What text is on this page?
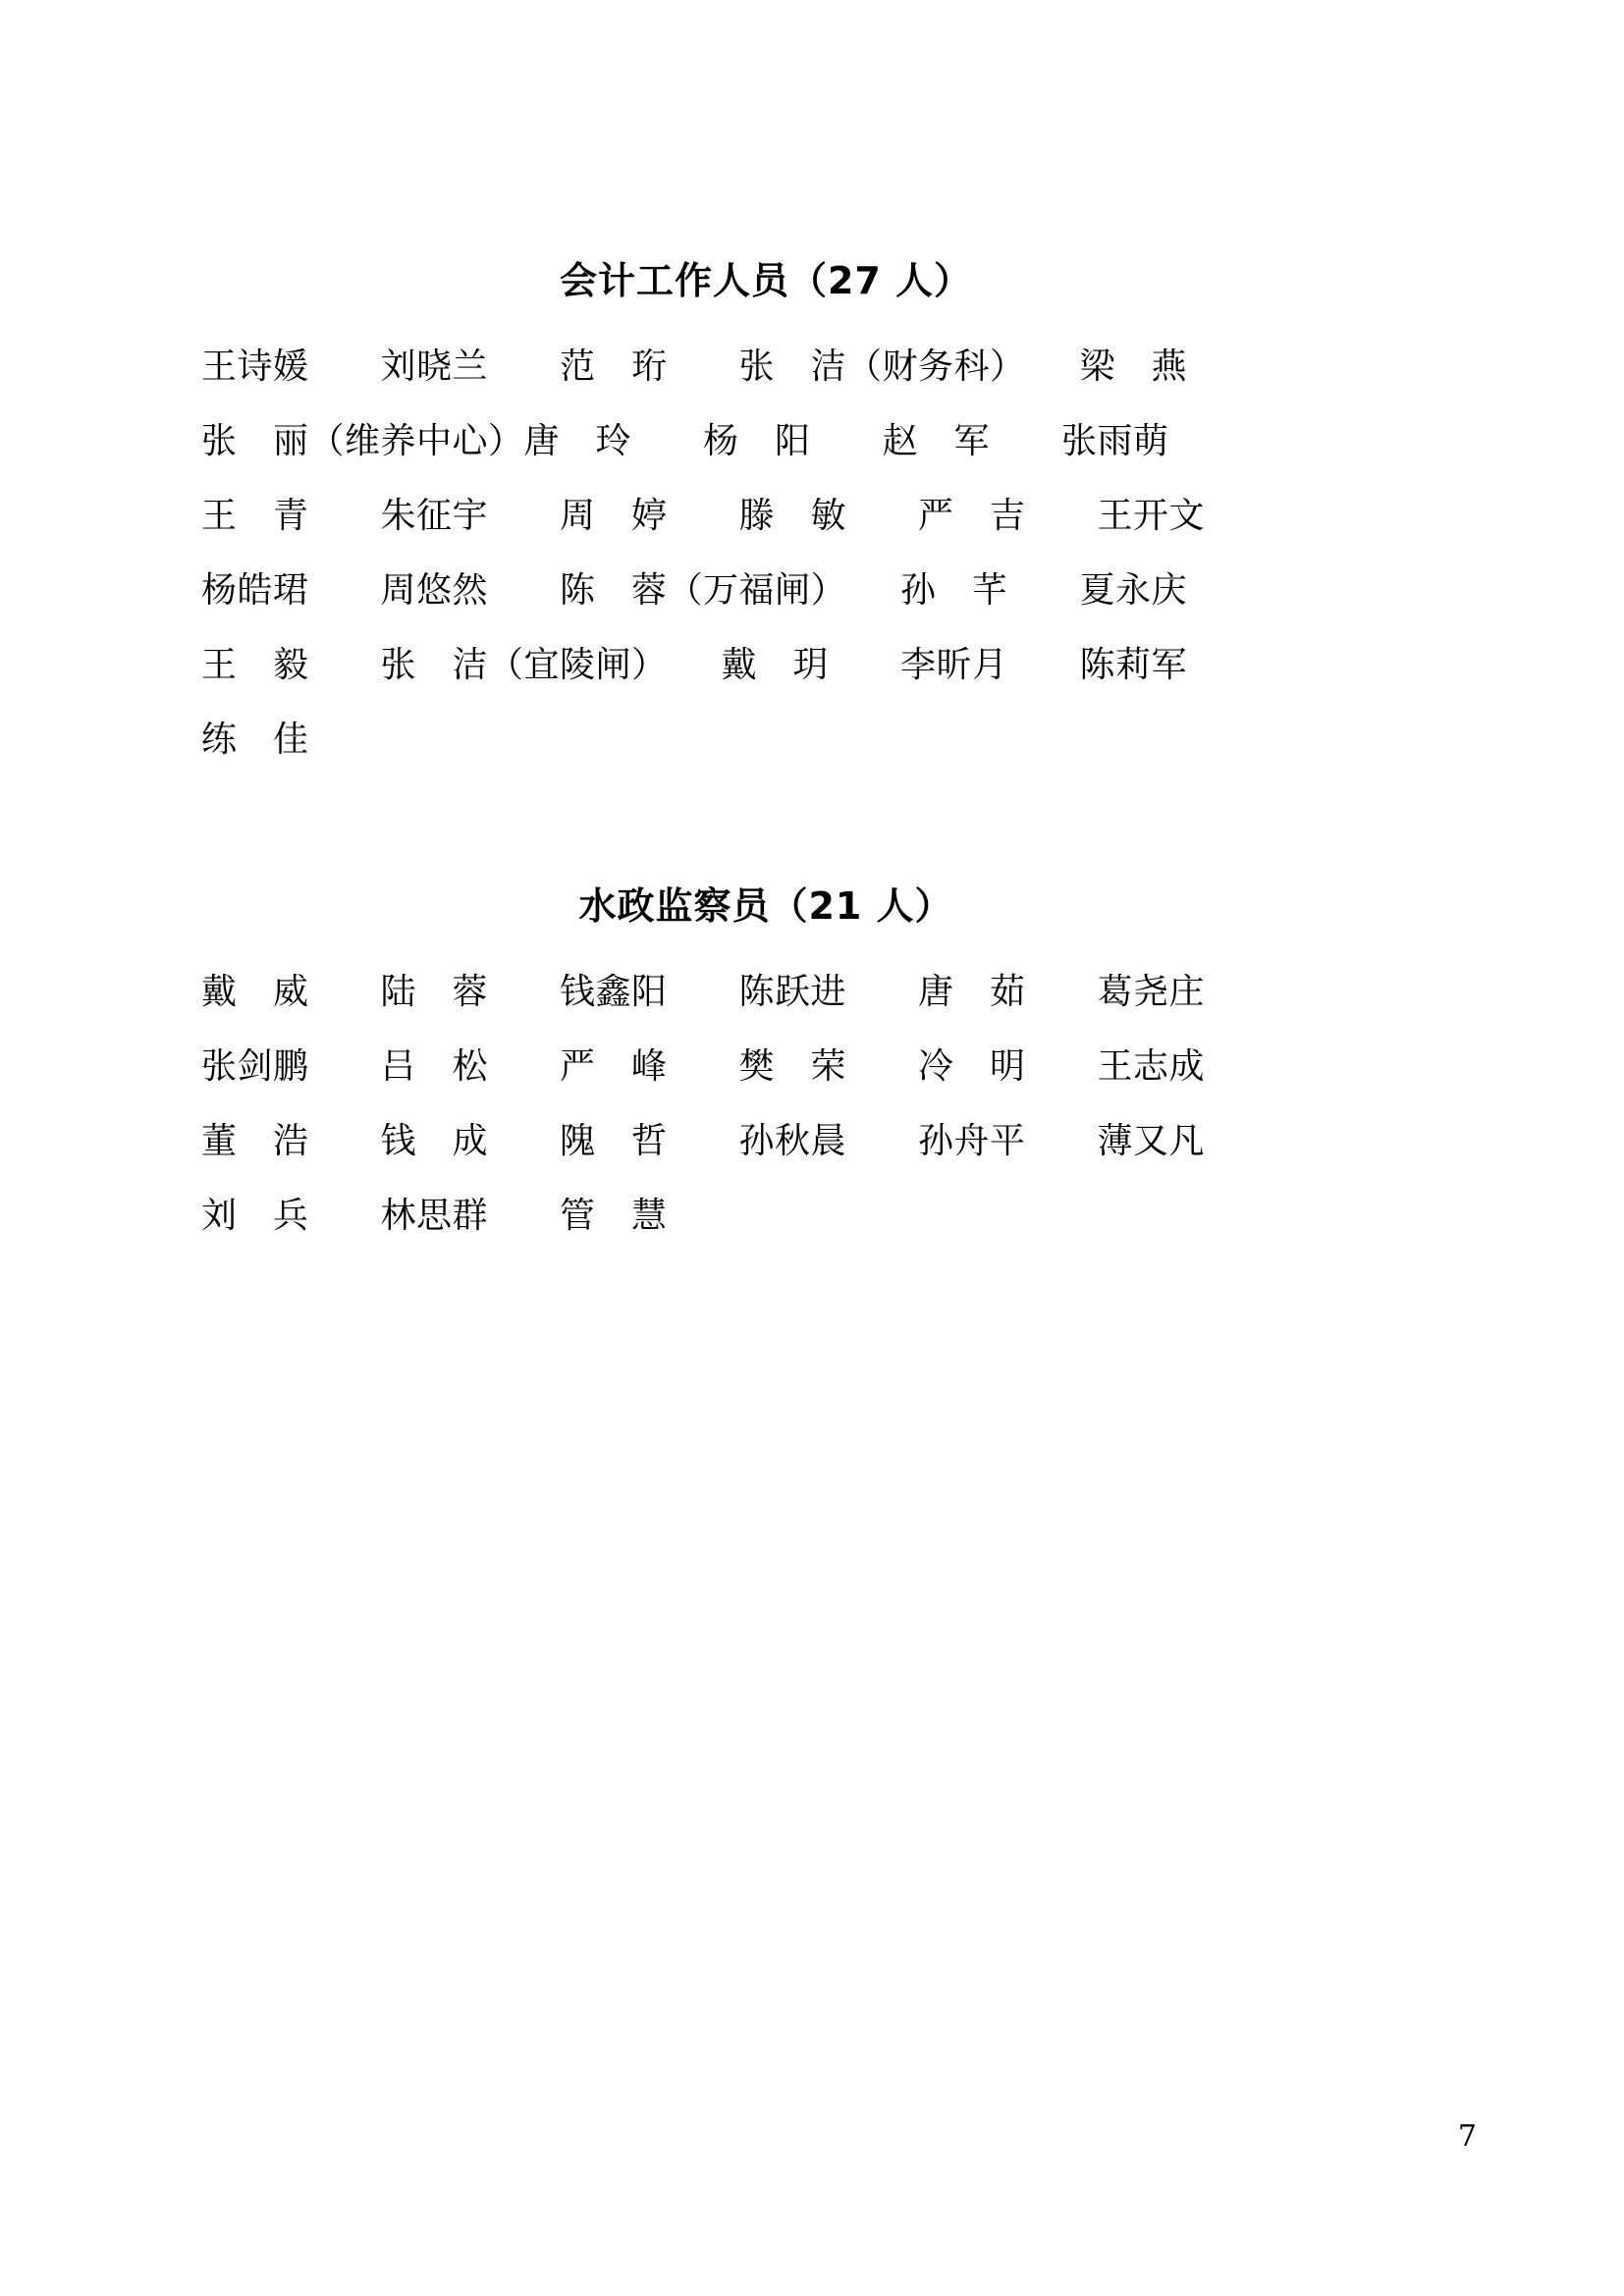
会计工作人员（27 人）
王诗媛　　刘晓兰　　范　珩　　张　洁（财务科）　　梁　燕
张　丽（维养中心）唐　玲　　杨　阳　　赵　军　　张雨萌
王　青　　朱征宇　　周　婷　　滕　敏　　严　吉　　王开文
杨皓珺　　周悠然　　陈　蓉（万福闸）　　孙　芊　　夏永庆
王　毅　　张　洁（宜陵闸）　　戴　玥　　李昕月　　陈莉军
练　佳
水政监察员（21 人）
戴　威　　陆　蓉　　钱鑫阳　　陈跃进　　唐　茹　　葛尧庄
张剑鹏　　吕　松　　严　峰　　樊　荣　　冷　明　　王志成
董　浩　　钱　成　　隗　哲　　孙秋晨　　孙舟平　　薄又凡
刘　兵　　林思群　　管　慧
7
